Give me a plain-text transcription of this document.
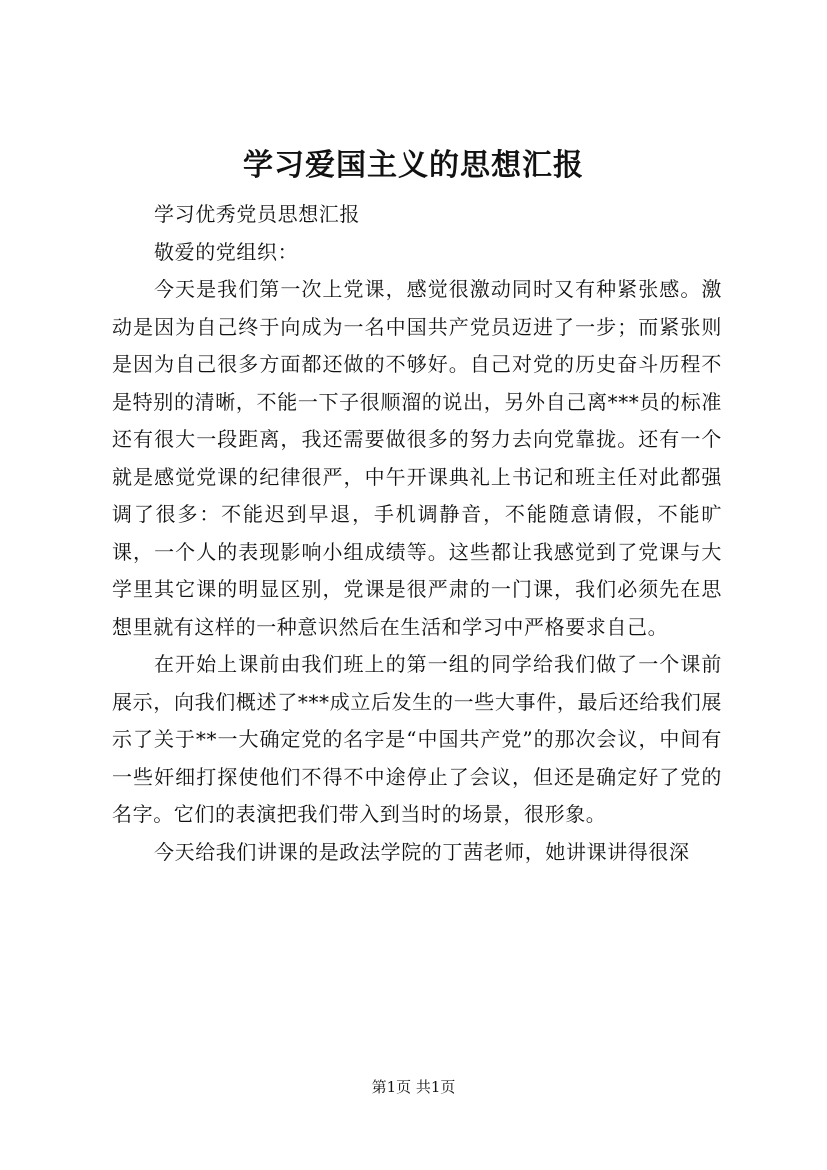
学习爱国主义的思想汇报

学习优秀党员思想汇报

敬爱的党组织：

今天是我们第一次上党课，感觉很激动同时又有种紧张感。激动是因为自己终于向成为一名中国共产党员迈进了一步；而紧张则是因为自己很多方面都还做的不够好。自己对党的历史奋斗历程不是特别的清晰，不能一下子很顺溜的说出，另外自己离***员的标准还有很大一段距离，我还需要做很多的努力去向党靠拢。还有一个就是感觉党课的纪律很严，中午开课典礼上书记和班主任对此都强调了很多：不能迟到早退，手机调静音，不能随意请假，不能旷课，一个人的表现影响小组成绩等。这些都让我感觉到了党课与大学里其它课的明显区别，党课是很严肃的一门课，我们必须先在思想里就有这样的一种意识然后在生活和学习中严格要求自己。

在开始上课前由我们班上的第一组的同学给我们做了一个课前展示，向我们概述了***成立后发生的一些大事件，最后还给我们展示了关于**一大确定党的名字是“中国共产党”的那次会议，中间有一些奸细打探使他们不得不中途停止了会议，但还是确定好了党的名字。它们的表演把我们带入到当时的场景，很形象。

今天给我们讲课的是政法学院的丁茜老师，她讲课讲得很深

第1页 共1页
